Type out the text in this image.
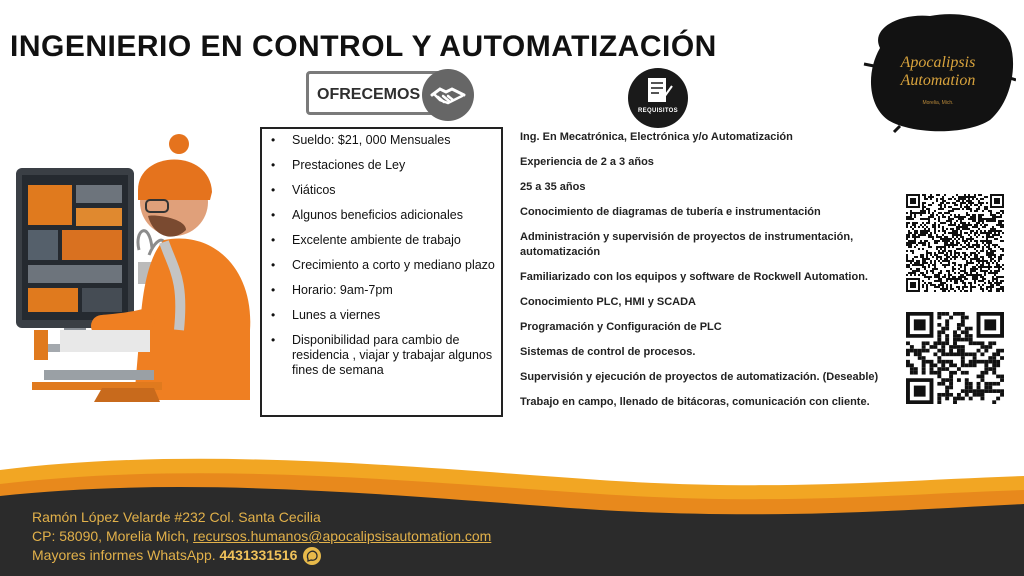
INGENIERIO EN CONTROL Y AUTOMATIZACIÓN
OFRECEMOS
REQUISITOS
Apocalipsis
Automation
Morelia, Mich.
• Sueldo: $21, 000 Mensuales
• Prestaciones de Ley
• Viáticos
• Algunos beneficios adicionales
• Excelente ambiente de trabajo
• Crecimiento a corto y mediano plazo
• Horario: 9am-7pm
• Lunes a viernes
• Disponibilidad para cambio de residencia , viajar y trabajar algunos fines de semana
Ing. En Mecatrónica, Electrónica y/o Automatización
Experiencia de 2 a 3 años
25 a 35 años
Conocimiento de diagramas de tubería e instrumentación
Administración y supervisión de proyectos de instrumentación, automatización
Familiarizado con los equipos y software de Rockwell Automation.
Conocimiento PLC, HMI y SCADA
Programación y Configuración de PLC
Sistemas de control de procesos.
Supervisión y ejecución de proyectos de automatización. (Deseable)
Trabajo en campo, llenado de bitácoras, comunicación con cliente.
Ramón López Velarde #232 Col. Santa Cecilia
CP: 58090, Morelia Mich, recursos.humanos@apocalipsisautomation.com
Mayores informes WhatsApp. 4431331516
